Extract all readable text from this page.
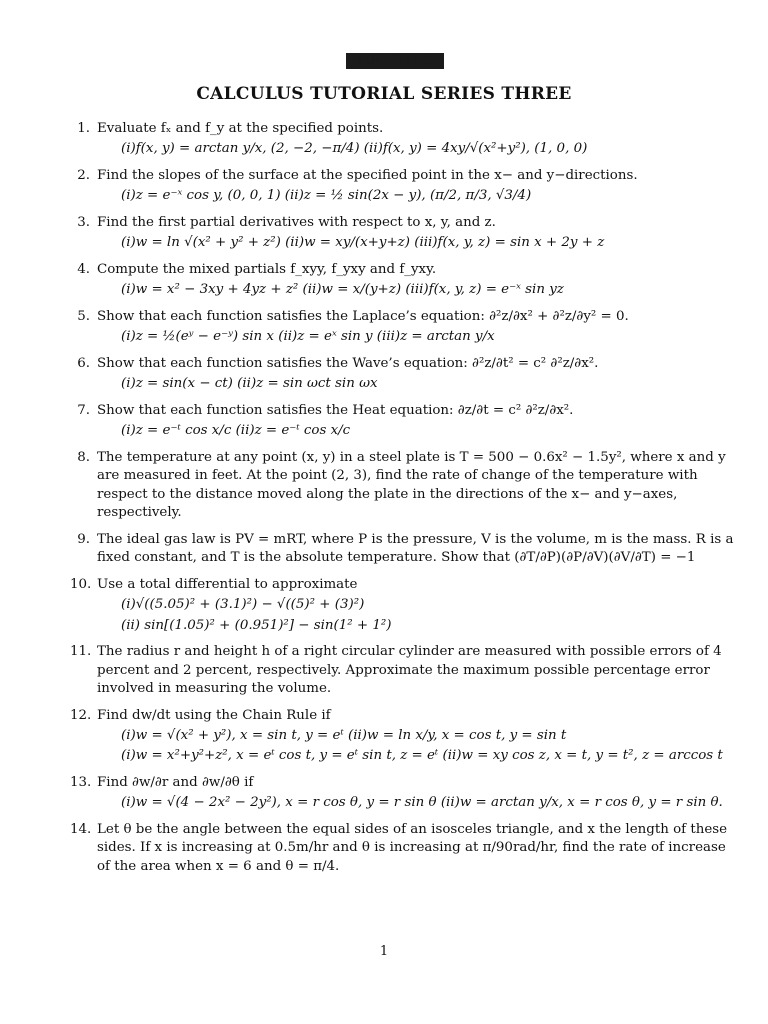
IUC-SEAS
CALCULUS TUTORIAL SERIES THREE
1. Evaluate fₓ and f_y at the specified points.
(i)f(x, y) = arctan y/x, (2, −2, −π/4) (ii)f(x, y) = 4xy/√(x²+y²), (1, 0, 0)
2. Find the slopes of the surface at the specified point in the x− and y−directions.
(i)z = e⁻ˣ cos y, (0, 0, 1) (ii)z = ½ sin(2x − y), (π/2, π/3, √3/4)
3. Find the first partial derivatives with respect to x, y, and z.
(i)w = ln √(x² + y² + z²) (ii)w = xy/(x+y+z) (iii)f(x, y, z) = sin x + 2y + z
4. Compute the mixed partials f_xyy, f_yxy and f_yxy.
(i)w = x² − 3xy + 4yz + z² (ii)w = x/(y+z) (iii)f(x, y, z) = e⁻ˣ sin yz
5. Show that each function satisfies the Laplace’s equation: ∂²z/∂x² + ∂²z/∂y² = 0.
(i)z = ½(eʸ − e⁻ʸ) sin x (ii)z = eˣ sin y (iii)z = arctan y/x
6. Show that each function satisfies the Wave’s equation: ∂²z/∂t² = c² ∂²z/∂x².
(i)z = sin(x − ct) (ii)z = sin ωct sin ωx
7. Show that each function satisfies the Heat equation: ∂z/∂t = c² ∂²z/∂x².
(i)z = e⁻ᵗ cos x/c (ii)z = e⁻ᵗ cos x/c
8. The temperature at any point (x, y) in a steel plate is T = 500 − 0.6x² − 1.5y², where x and y are measured in feet. At the point (2, 3), find the rate of change of the temperature with respect to the distance moved along the plate in the directions of the x− and y−axes, respectively.
9. The ideal gas law is PV = mRT, where P is the pressure, V is the volume, m is the mass. R is a fixed constant, and T is the absolute temperature. Show that (∂T/∂P)(∂P/∂V)(∂V/∂T) = −1
10. Use a total differential to approximate
(i)√((5.05)² + (3.1)²) − √((5)² + (3)²)
(ii) sin[(1.05)² + (0.951)²] − sin(1² + 1²)
11. The radius r and height h of a right circular cylinder are measured with possible errors of 4 percent and 2 percent, respectively. Approximate the maximum possible percentage error involved in measuring the volume.
12. Find dw/dt using the Chain Rule if
(i)w = √(x² + y²), x = sin t, y = eᵗ (ii)w = ln x/y, x = cos t, y = sin t
(i)w = x²+y²+z², x = eᵗ cos t, y = eᵗ sin t, z = eᵗ (ii)w = xy cos z, x = t, y = t², z = arccos t
13. Find ∂w/∂r and ∂w/∂θ if
(i)w = √(4 − 2x² − 2y²), x = r cos θ, y = r sin θ (ii)w = arctan y/x, x = r cos θ, y = r sin θ.
14. Let θ be the angle between the equal sides of an isosceles triangle, and x the length of these sides. If x is increasing at 0.5m/hr and θ is increasing at π/90rad/hr, find the rate of increase of the area when x = 6 and θ = π/4.
1
